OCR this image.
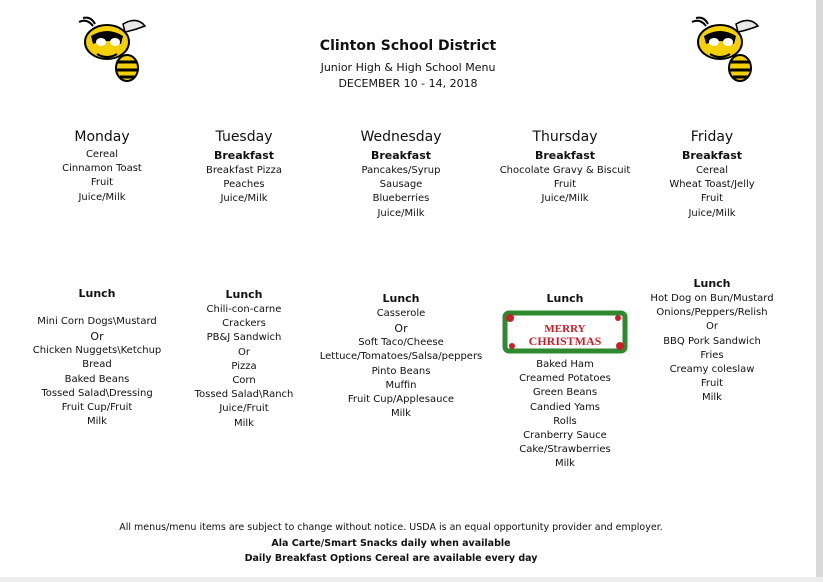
Clinton School District
Junior High & High School Menu
DECEMBER 10 - 14, 2018
Monday
Cereal
Cinnamon Toast
Fruit
Juice/Milk
Tuesday
Breakfast
Breakfast Pizza
Peaches
Juice/Milk
Wednesday
Breakfast
Pancakes/Syrup
Sausage
Blueberries
Juice/Milk
Thursday
Breakfast
Chocolate Gravy & Biscuit
Fruit
Juice/Milk
Friday
Breakfast
Cereal
Wheat Toast/Jelly
Fruit
Juice/Milk
Lunch
Mini Corn Dogs\Mustard
Or
Chicken Nuggets\Ketchup
Bread
Baked Beans
Tossed Salad\Dressing
Fruit Cup/Fruit
Milk
Lunch
Chili-con-carne
Crackers
PB&J Sandwich
Or
Pizza
Corn
Tossed Salad\Ranch
Juice/Fruit
Milk
Lunch
Casserole
Or
Soft Taco/Cheese
Lettuce/Tomatoes/Salsa/peppers
Pinto Beans
Muffin
Fruit Cup/Applesauce
Milk
Lunch
MERRY
CHRISTMAS
Baked Ham
Creamed Potatoes
Green Beans
Candied Yams
Rolls
Cranberry Sauce
Cake/Strawberries
Milk
Lunch
Hot Dog on Bun/Mustard
Onions/Peppers/Relish
Or
BBQ Pork Sandwich
Fries
Creamy coleslaw
Fruit
Milk
All menus/menu items are subject to change without notice. USDA is an equal opportunity provider and employer.
Ala Carte/Smart Snacks daily when available
Daily Breakfast Options Cereal are available every day
